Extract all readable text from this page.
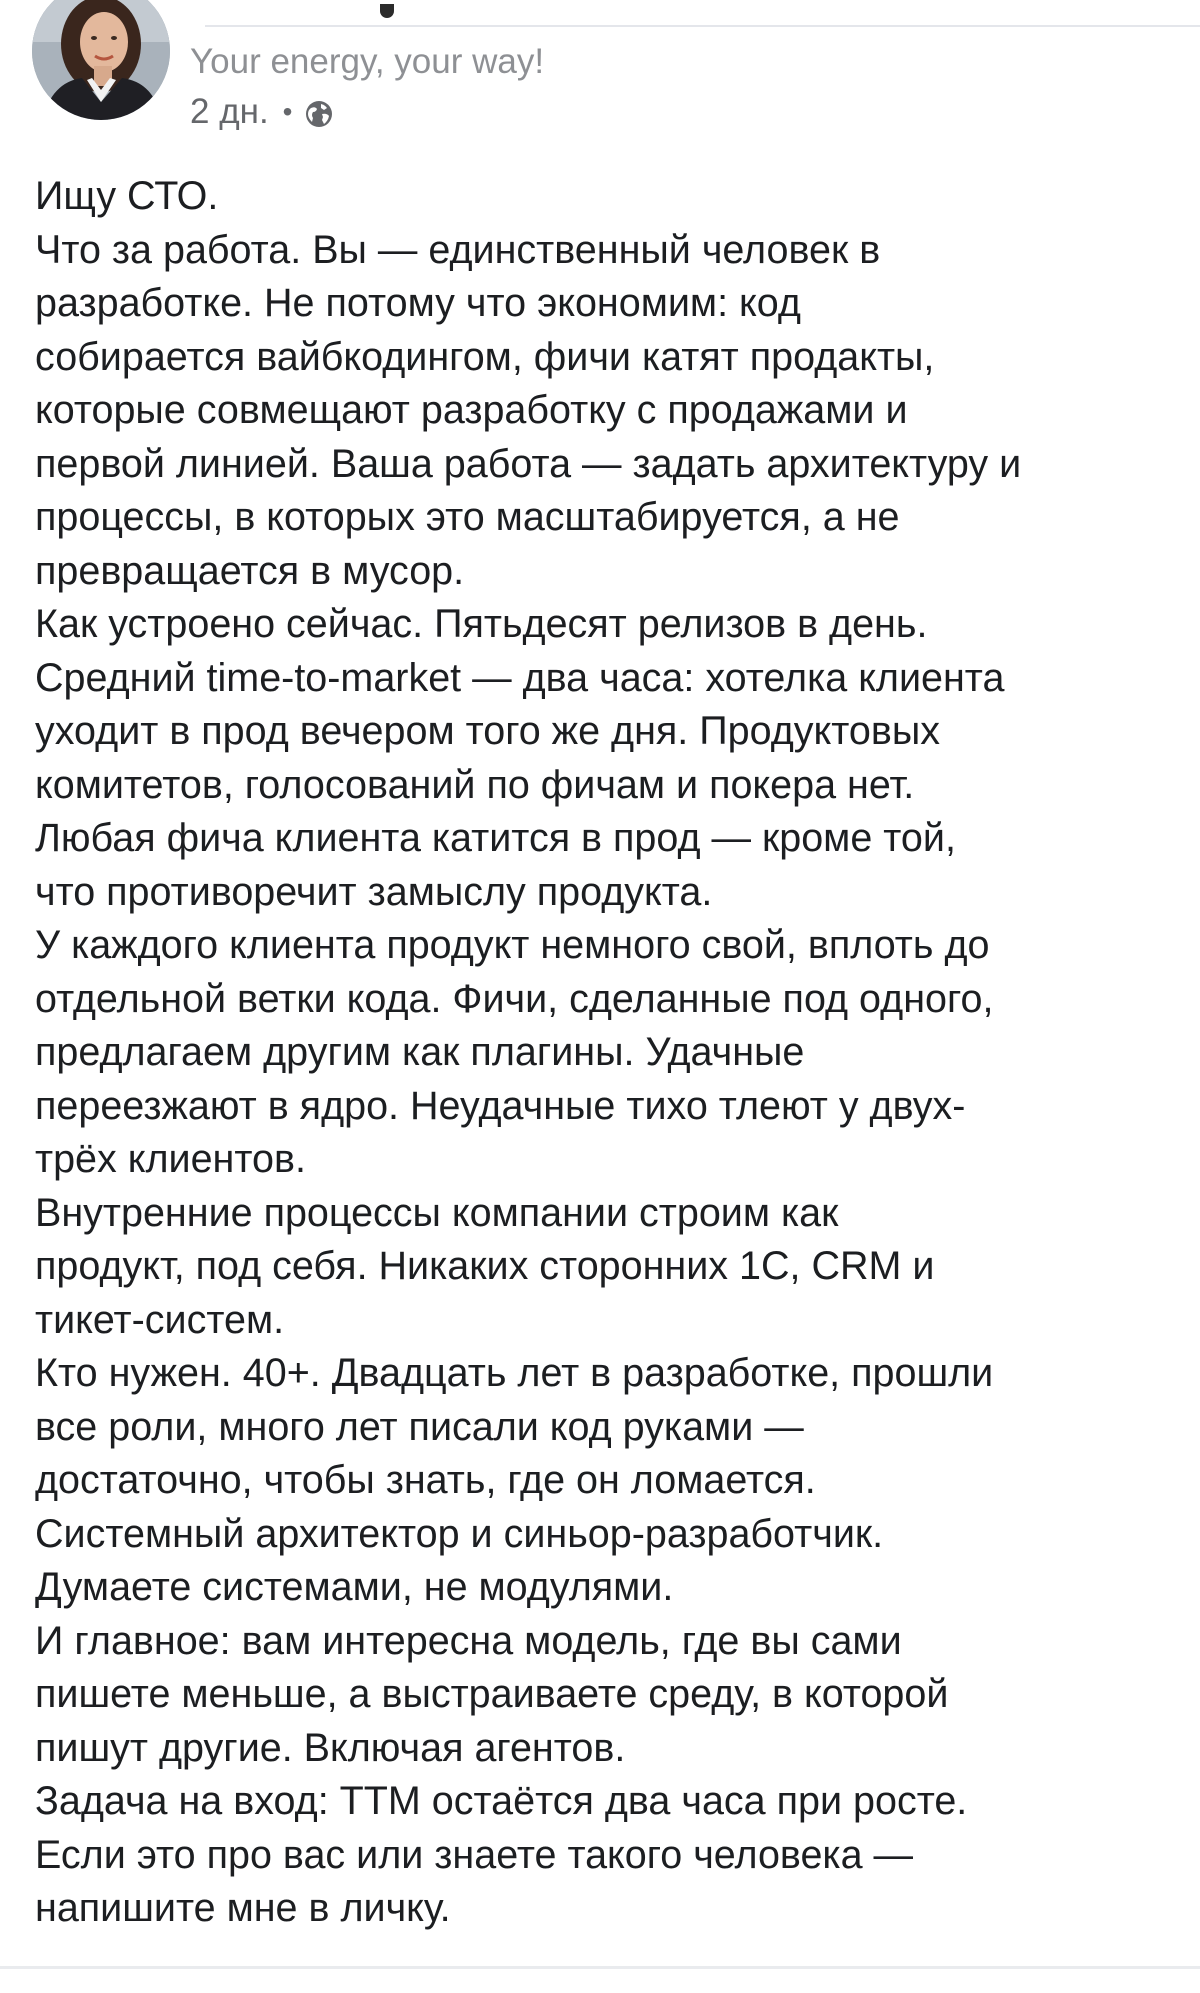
Your energy, your way!
2 дн. •
Ищу СТО.
Что за работа. Вы — единственный человек в
разработке. Не потому что экономим: код
собирается вайбкодингом, фичи катят продакты,
которые совмещают разработку с продажами и
первой линией. Ваша работа — задать архитектуру и
процессы, в которых это масштабируется, а не
превращается в мусор.
Как устроено сейчас. Пятьдесят релизов в день.
Средний time-to-market — два часа: хотелка клиента
уходит в прод вечером того же дня. Продуктовых
комитетов, голосований по фичам и покера нет.
Любая фича клиента катится в прод — кроме той,
что противоречит замыслу продукта.
У каждого клиента продукт немного свой, вплоть до
отдельной ветки кода. Фичи, сделанные под одного,
предлагаем другим как плагины. Удачные
переезжают в ядро. Неудачные тихо тлеют у двух-
трёх клиентов.
Внутренние процессы компании строим как
продукт, под себя. Никаких сторонних 1С, CRM и
тикет-систем.
Кто нужен. 40+. Двадцать лет в разработке, прошли
все роли, много лет писали код руками —
достаточно, чтобы знать, где он ломается.
Системный архитектор и синьор-разработчик.
Думаете системами, не модулями.
И главное: вам интересна модель, где вы сами
пишете меньше, а выстраиваете среду, в которой
пишут другие. Включая агентов.
Задача на вход: ТТМ остаётся два часа при росте.
Если это про вас или знаете такого человека —
напишите мне в личку.
